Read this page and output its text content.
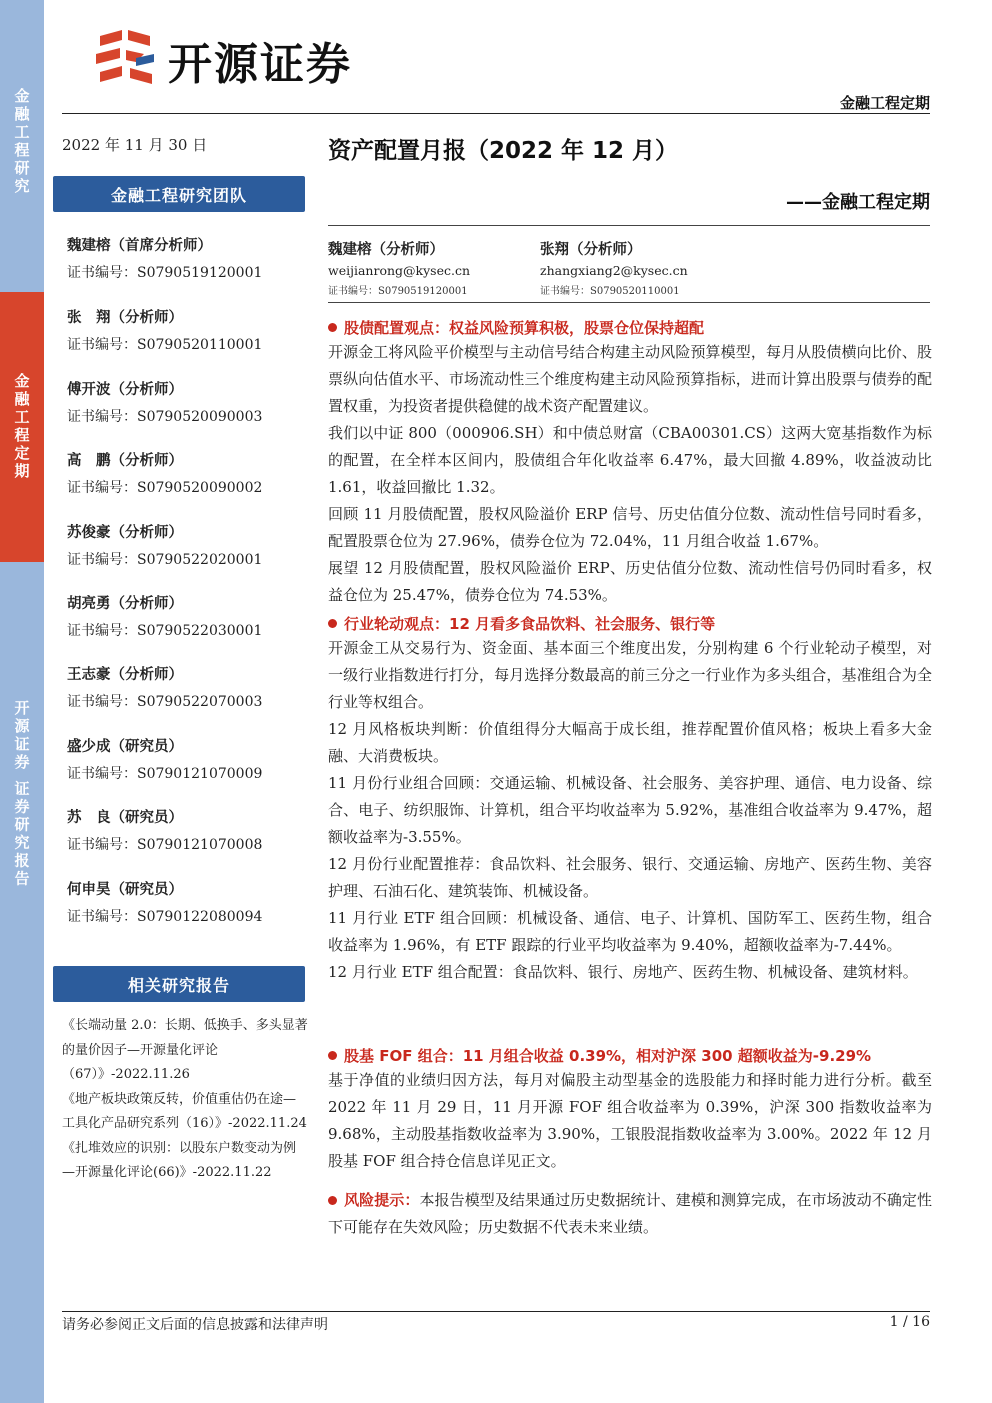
金融工程研究
金融工程定期
开源证券 证券研究报告
开源证券
金融工程定期
2022 年 11 月 30 日
金融工程研究团队
魏建榕（首席分析师）
证书编号：S0790519120001
张　翔（分析师）
证书编号：S0790520110001
傅开波（分析师）
证书编号：S0790520090003
高　鹏（分析师）
证书编号：S0790520090002
苏俊豪（分析师）
证书编号：S0790522020001
胡亮勇（分析师）
证书编号：S0790522030001
王志豪（分析师）
证书编号：S0790522070003
盛少成（研究员）
证书编号：S0790121070009
苏　良（研究员）
证书编号：S0790121070008
何申昊（研究员）
证书编号：S0790122080094
相关研究报告

《长端动量 2.0：长期、低换手、多头显著的量价因子—开源量化评论（67）》-2022.11.26

《地产板块政策反转，价值重估仍在途—工具化产品研究系列（16）》-2022.11.24

《扎堆效应的识别：以股东户数变动为例—开源量化评论(66)》-2022.11.22

资产配置月报（2022 年 12 月）
——金融工程定期
魏建榕（分析师）
weijianrong@kysec.cn
证书编号：S0790519120001
张翔（分析师）
zhangxiang2@kysec.cn
证书编号：S0790520110001
股债配置观点：权益风险预算积极，股票仓位保持超配

开源金工将风险平价模型与主动信号结合构建主动风险预算模型，每月从股债横向比价、股票纵向估值水平、市场流动性三个维度构建主动风险预算指标，进而计算出股票与债券的配置权重，为投资者提供稳健的战术资产配置建议。

我们以中证 800（000906.SH）和中债总财富（CBA00301.CS）这两大宽基指数作为标的配置，在全样本区间内，股债组合年化收益率 6.47%，最大回撤 4.89%，收益波动比 1.61，收益回撤比 1.32。

回顾 11 月股债配置，股权风险溢价 ERP 信号、历史估值分位数、流动性信号同时看多，配置股票仓位为 27.96%，债券仓位为 72.04%，11 月组合收益 1.67%。

展望 12 月股债配置，股权风险溢价 ERP、历史估值分位数、流动性信号仍同时看多，权益仓位为 25.47%，债券仓位为 74.53%。

行业轮动观点：12 月看多食品饮料、社会服务、银行等

开源金工从交易行为、资金面、基本面三个维度出发，分别构建 6 个行业轮动子模型，对一级行业指数进行打分，每月选择分数最高的前三分之一行业作为多头组合，基准组合为全行业等权组合。

12 月风格板块判断：价值组得分大幅高于成长组，推荐配置价值风格；板块上看多大金融、大消费板块。

11 月份行业组合回顾：交通运输、机械设备、社会服务、美容护理、通信、电力设备、综合、电子、纺织服饰、计算机，组合平均收益率为 5.92%，基准组合收益率为 9.47%，超额收益率为-3.55%。

12 月份行业配置推荐：食品饮料、社会服务、银行、交通运输、房地产、医药生物、美容护理、石油石化、建筑装饰、机械设备。

11 月行业 ETF 组合回顾：机械设备、通信、电子、计算机、国防军工、医药生物，组合收益率为 1.96%，有 ETF 跟踪的行业平均收益率为 9.40%，超额收益率为-7.44%。

12 月行业 ETF 组合配置：食品饮料、银行、房地产、医药生物、机械设备、建筑材料。

股基 FOF 组合：11 月组合收益 0.39%，相对沪深 300 超额收益为-9.29%

基于净值的业绩归因方法，每月对偏股主动型基金的选股能力和择时能力进行分析。截至 2022 年 11 月 29 日，11 月开源 FOF 组合收益率为 0.39%，沪深 300 指数收益率为 9.68%，主动股基指数收益率为 3.90%，工银股混指数收益率为 3.00%。2022 年 12 月股基 FOF 组合持仓信息详见正文。

风险提示：本报告模型及结果通过历史数据统计、建模和测算完成，在市场波动不确定性下可能存在失效风险；历史数据不代表未来业绩。

请务必参阅正文后面的信息披露和法律声明	1 / 16
